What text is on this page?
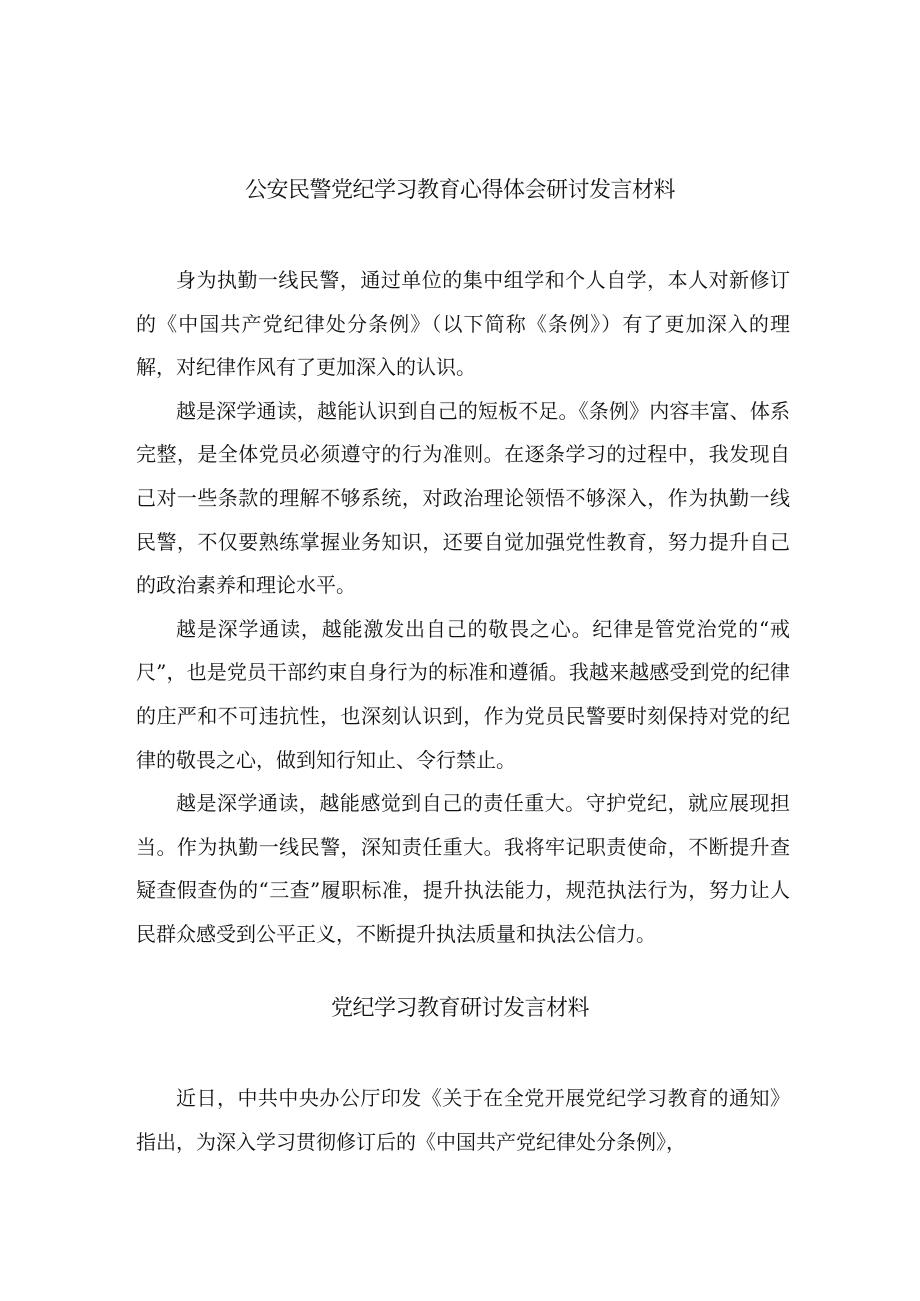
公安民警党纪学习教育心得体会研讨发言材料

身为执勤一线民警，通过单位的集中组学和个人自学，本人对新修订的《中国共产党纪律处分条例》（以下简称《条例》）有了更加深入的理解，对纪律作风有了更加深入的认识。

越是深学通读，越能认识到自己的短板不足。《条例》内容丰富、体系完整，是全体党员必须遵守的行为准则。在逐条学习的过程中，我发现自己对一些条款的理解不够系统，对政治理论领悟不够深入，作为执勤一线民警，不仅要熟练掌握业务知识，还要自觉加强党性教育，努力提升自己的政治素养和理论水平。

越是深学通读，越能激发出自己的敬畏之心。纪律是管党治党的“戒尺”，也是党员干部约束自身行为的标准和遵循。我越来越感受到党的纪律的庄严和不可违抗性，也深刻认识到，作为党员民警要时刻保持对党的纪律的敬畏之心，做到知行知止、令行禁止。

越是深学通读，越能感觉到自己的责任重大。守护党纪，就应展现担当。作为执勤一线民警，深知责任重大。我将牢记职责使命，不断提升查疑查假查伪的“三查”履职标准，提升执法能力，规范执法行为，努力让人民群众感受到公平正义，不断提升执法质量和执法公信力。

党纪学习教育研讨发言材料

近日，中共中央办公厅印发《关于在全党开展党纪学习教育的通知》指出，为深入学习贯彻修订后的《中国共产党纪律处分条例》，
